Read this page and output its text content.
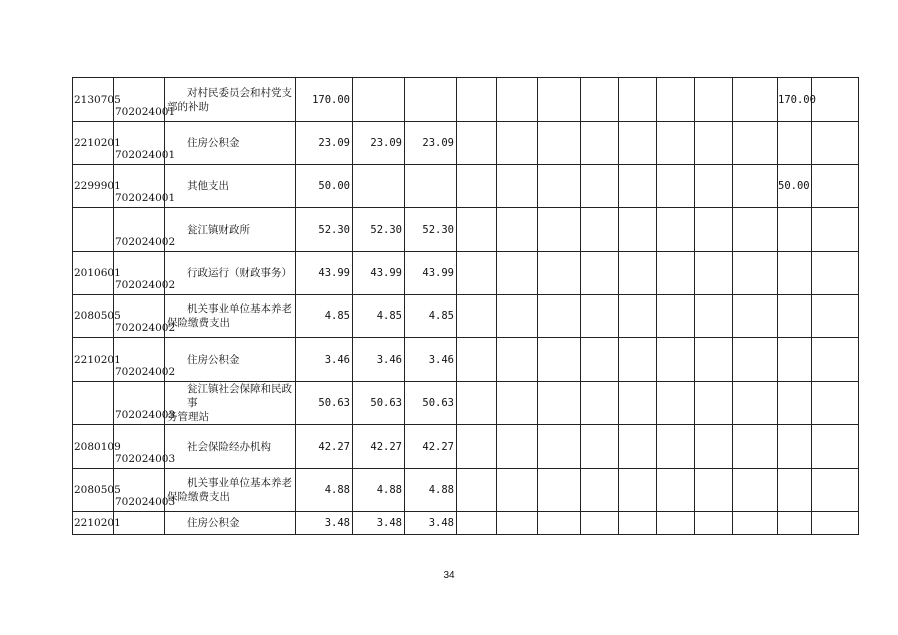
2130705	702024001	对村民委员会和村党支
部的补助	170.00											170.00		
2210201	702024001	住房公积金	23.09	23.09	23.09											
2299901	702024001	其他支出	50.00											50.00		
	702024002	瓮江镇财政所	52.30	52.30	52.30											
2010601	702024002	行政运行（财政事务）	43.99	43.99	43.99											
2080505	702024002	机关事业单位基本养老
保险缴费支出	4.85	4.85	4.85											
2210201	702024002	住房公积金	3.46	3.46	3.46											
	702024003	瓮江镇社会保障和民政事
务管理站	50.63	50.63	50.63											
2080109	702024003	社会保险经办机构	42.27	42.27	42.27											
2080505	702024003	机关事业单位基本养老
保险缴费支出	4.88	4.88	4.88											
2210201		住房公积金	3.48	3.48	3.48											
34
